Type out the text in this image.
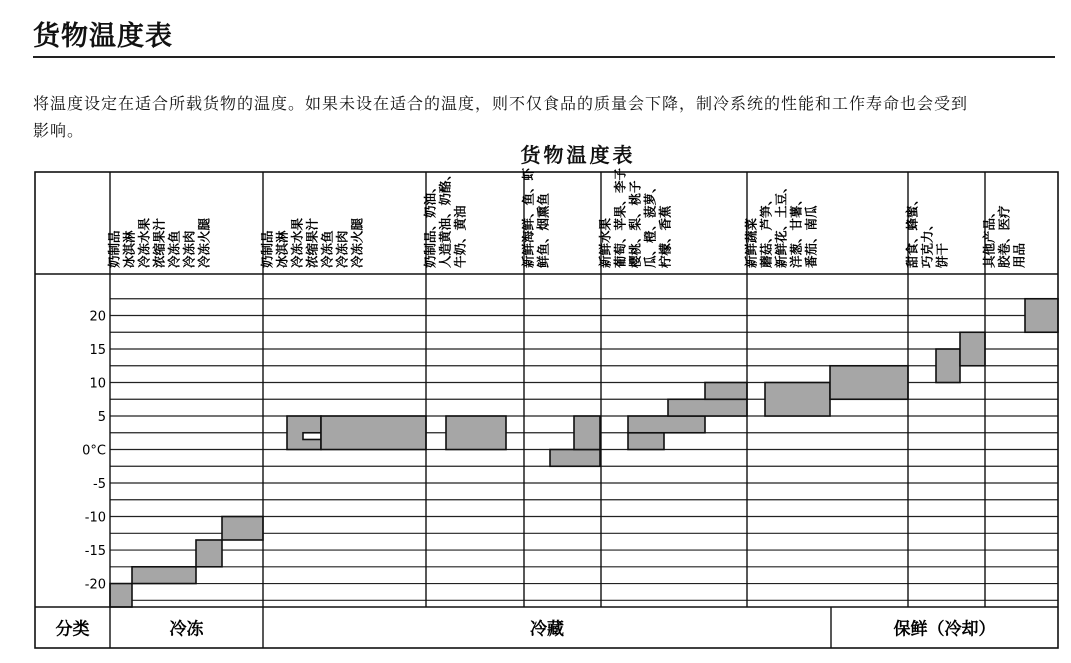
货物温度表
将温度设定在适合所载货物的温度。如果未设在适合的温度，则不仅食品的质量会下降，制冷系统的性能和工作寿命也会受到影响。
货物温度表
20
15
10
5
0°C
-5
-10
-15
-20
奶制品 冰淇淋 冷冻水果 浓缩果汁 冷冻鱼 冷冻肉 冷冻火腿	奶制品 冰淇淋 冷冻水果 浓缩果汁 冷冻鱼 冷冻肉 冷冻火腿	奶制品、奶油、 人造黄油、奶酪、 牛奶、黄油	新鲜海鲜、鱼、虾 鲜鱼、烟熏鱼	新鲜水果 葡萄、苹果、李子 樱桃、梨、桃子 瓜、橙、菠萝、 柠檬、香蕉	新鲜蔬菜 蘑菇、芦笋、 新鲜花、土豆、 洋葱、甘薯、 番茄、南瓜	甜食、蜂蜜、 巧克力、 饼干	其他产品、 胶卷、医疗 用品
分类	冷冻	冷藏	保鲜（冷却）
